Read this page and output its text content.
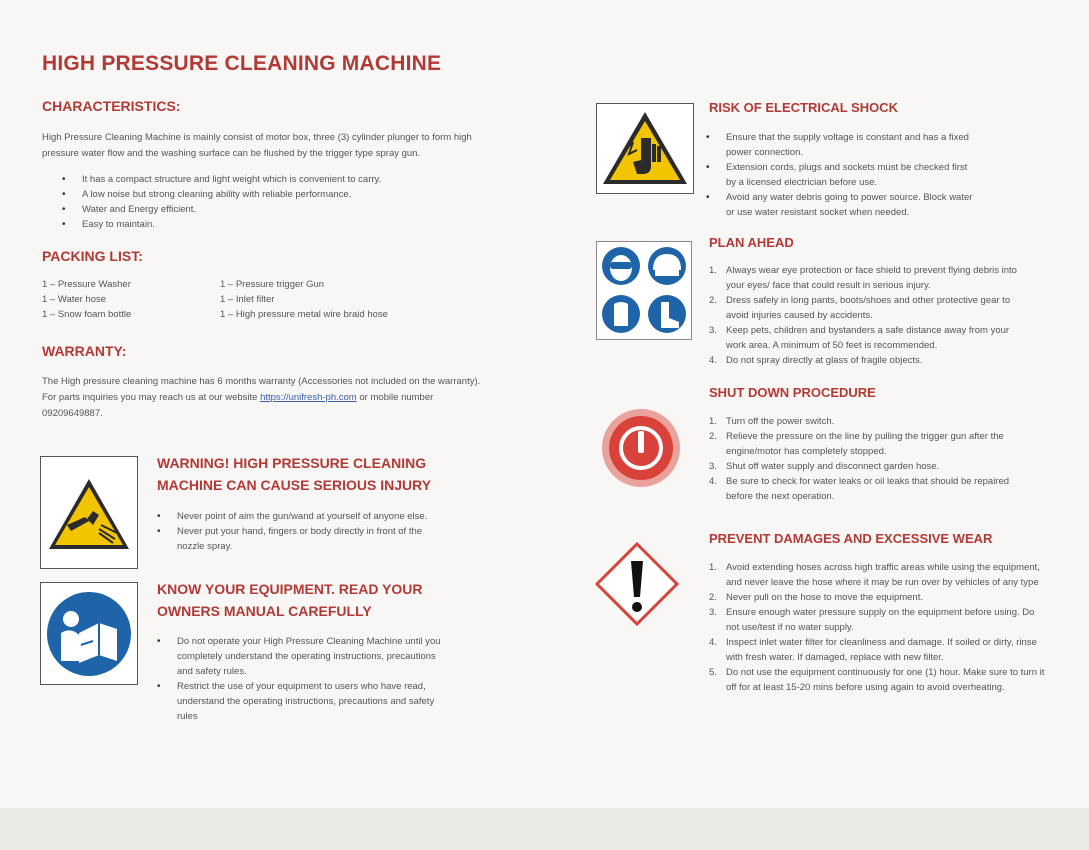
HIGH PRESSURE CLEANING MACHINE
CHARACTERISTICS:
High Pressure Cleaning Machine is mainly consist of motor box, three (3) cylinder plunger to form high
pressure water flow and the washing surface can be flushed by the trigger type spray gun.
• It has a compact structure and light weight which is convenient to carry.
• A low noise but strong cleaning ability with reliable performance.
• Water and Energy efficient.
• Easy to maintain.
PACKING LIST:
1 – Pressure Washer
1 – Water hose
1 – Snow foam bottle
1 – Pressure trigger Gun
1 – Inlet filter
1 – High pressure metal wire braid hose
WARRANTY:
The High pressure cleaning machine has 6 months warranty (Accessories not included on the warranty).
For parts inquiries you may reach us at our website https://unifresh-ph.com or mobile number
09209649887.
WARNING! HIGH PRESSURE CLEANING
MACHINE CAN CAUSE SERIOUS INJURY
• Never point of aim the gun/wand at yourself of anyone else.
• Never put your hand, fingers or body directly in front of the nozzle spray.
KNOW YOUR EQUIPMENT. READ YOUR
OWNERS MANUAL CAREFULLY
• Do not operate your High Pressure Cleaning Machine until you completely understand the operating instructions, precautions and safety rules.
• Restrict the use of your equipment to users who have read, understand the operating instructions, precautions and safety rules
RISK OF ELECTRICAL SHOCK
• Ensure that the supply voltage is constant and has a fixed power connection.
• Extension cords, plugs and sockets must be checked first by a licensed electrician before use.
• Avoid any water debris going to power source. Block water or use water resistant socket when needed.
PLAN AHEAD
1. Always wear eye protection or face shield to prevent flying debris into your eyes/ face that could result in serious injury.
2. Dress safely in long pants, boots/shoes and other protective gear to avoid injuries caused by accidents.
3. Keep pets, children and bystanders a safe distance away from your work area. A minimum of 50 feet is recommended.
4. Do not spray directly at glass of fragile objects.
SHUT DOWN PROCEDURE
1. Turn off the power switch.
2. Relieve the pressure on the line by pulling the trigger gun after the engine/motor has completely stopped.
3. Shut off water supply and disconnect garden hose.
4. Be sure to check for water leaks or oil leaks that should be repaired before the next operation.
PREVENT DAMAGES AND EXCESSIVE WEAR
1. Avoid extending hoses across high traffic areas while using the equipment, and never leave the hose where it may be run over by vehicles of any type
2. Never pull on the hose to move the equipment.
3. Ensure enough water pressure supply on the equipment before using. Do not use/test if no water supply.
4. Inspect inlet water filter for cleanliness and damage. If soiled or dirty, rinse with fresh water. If damaged, replace with new filter.
5. Do not use the equipment continuously for one (1) hour. Make sure to turn it off for at least 15-20 mins before using again to avoid overheating.
